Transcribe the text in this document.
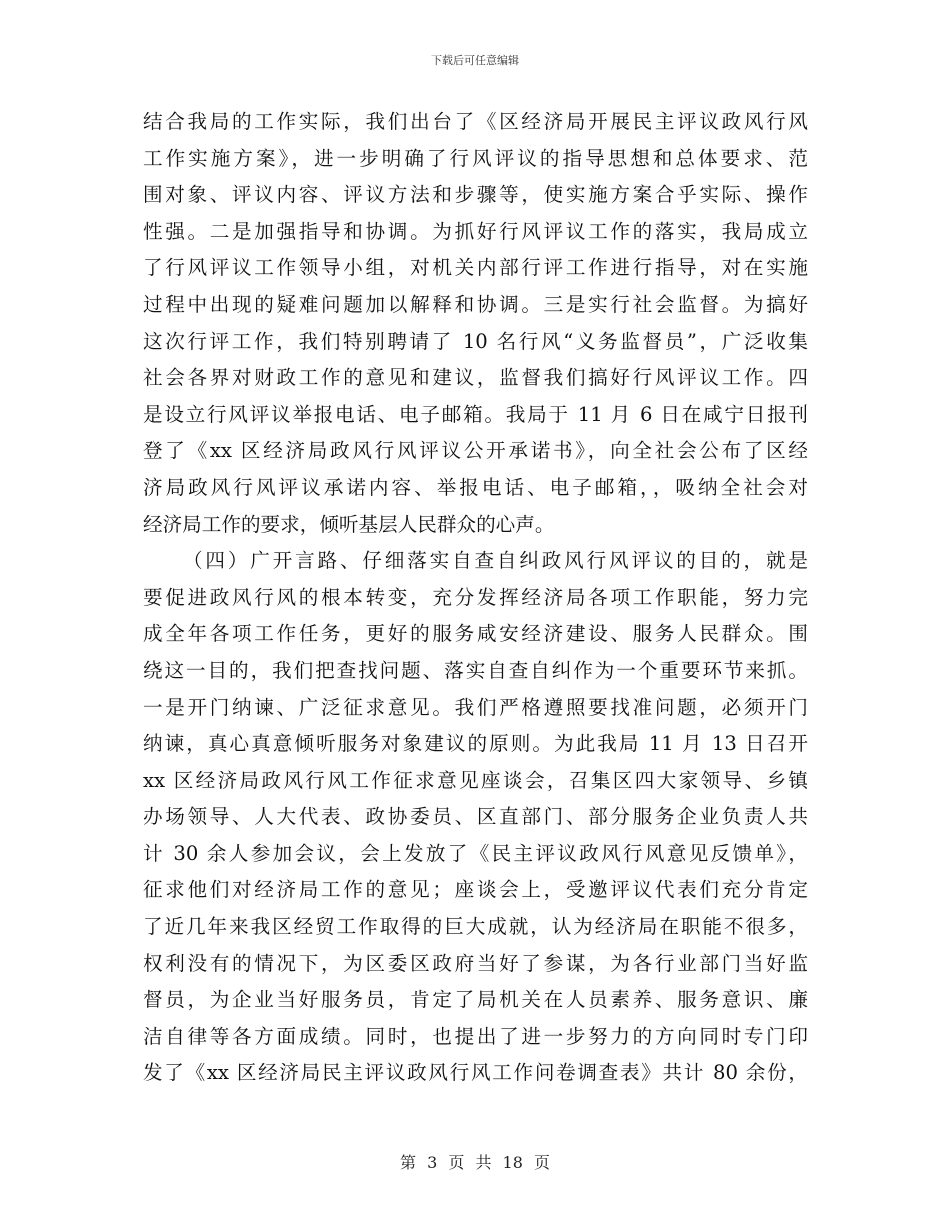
下载后可任意编辑
结合我局的工作实际，我们出台了《区经济局开展民主评议政风行风
工作实施方案》，进一步明确了行风评议的指导思想和总体要求、范
围对象、评议内容、评议方法和步骤等，使实施方案合乎实际、操作
性强。二是加强指导和协调。为抓好行风评议工作的落实，我局成立
了行风评议工作领导小组，对机关内部行评工作进行指导，对在实施
过程中出现的疑难问题加以解释和协调。三是实行社会监督。为搞好
这次行评工作，我们特别聘请了 10 名行风“义务监督员”，广泛收集
社会各界对财政工作的意见和建议，监督我们搞好行风评议工作。四
是设立行风评议举报电话、电子邮箱。我局于 11 月 6 日在咸宁日报刊
登了《xx 区经济局政风行风评议公开承诺书》，向全社会公布了区经
济局政风行风评议承诺内容、举报电话、电子邮箱，，吸纳全社会对
经济局工作的要求，倾听基层人民群众的心声。
（四）广开言路、仔细落实自查自纠政风行风评议的目的，就是
要促进政风行风的根本转变，充分发挥经济局各项工作职能，努力完
成全年各项工作任务，更好的服务咸安经济建设、服务人民群众。围
绕这一目的，我们把查找问题、落实自查自纠作为一个重要环节来抓。
一是开门纳谏、广泛征求意见。我们严格遵照要找准问题，必须开门
纳谏，真心真意倾听服务对象建议的原则。为此我局 11 月 13 日召开
xx 区经济局政风行风工作征求意见座谈会，召集区四大家领导、乡镇
办场领导、人大代表、政协委员、区直部门、部分服务企业负责人共
计 30 余人参加会议，会上发放了《民主评议政风行风意见反馈单》，
征求他们对经济局工作的意见；座谈会上，受邀评议代表们充分肯定
了近几年来我区经贸工作取得的巨大成就，认为经济局在职能不很多，
权利没有的情况下，为区委区政府当好了参谋，为各行业部门当好监
督员，为企业当好服务员，肯定了局机关在人员素养、服务意识、廉
洁自律等各方面成绩。同时，也提出了进一步努力的方向同时专门印
发了《xx 区经济局民主评议政风行风工作问卷调查表》共计 80 余份，
第 3 页 共 18 页
